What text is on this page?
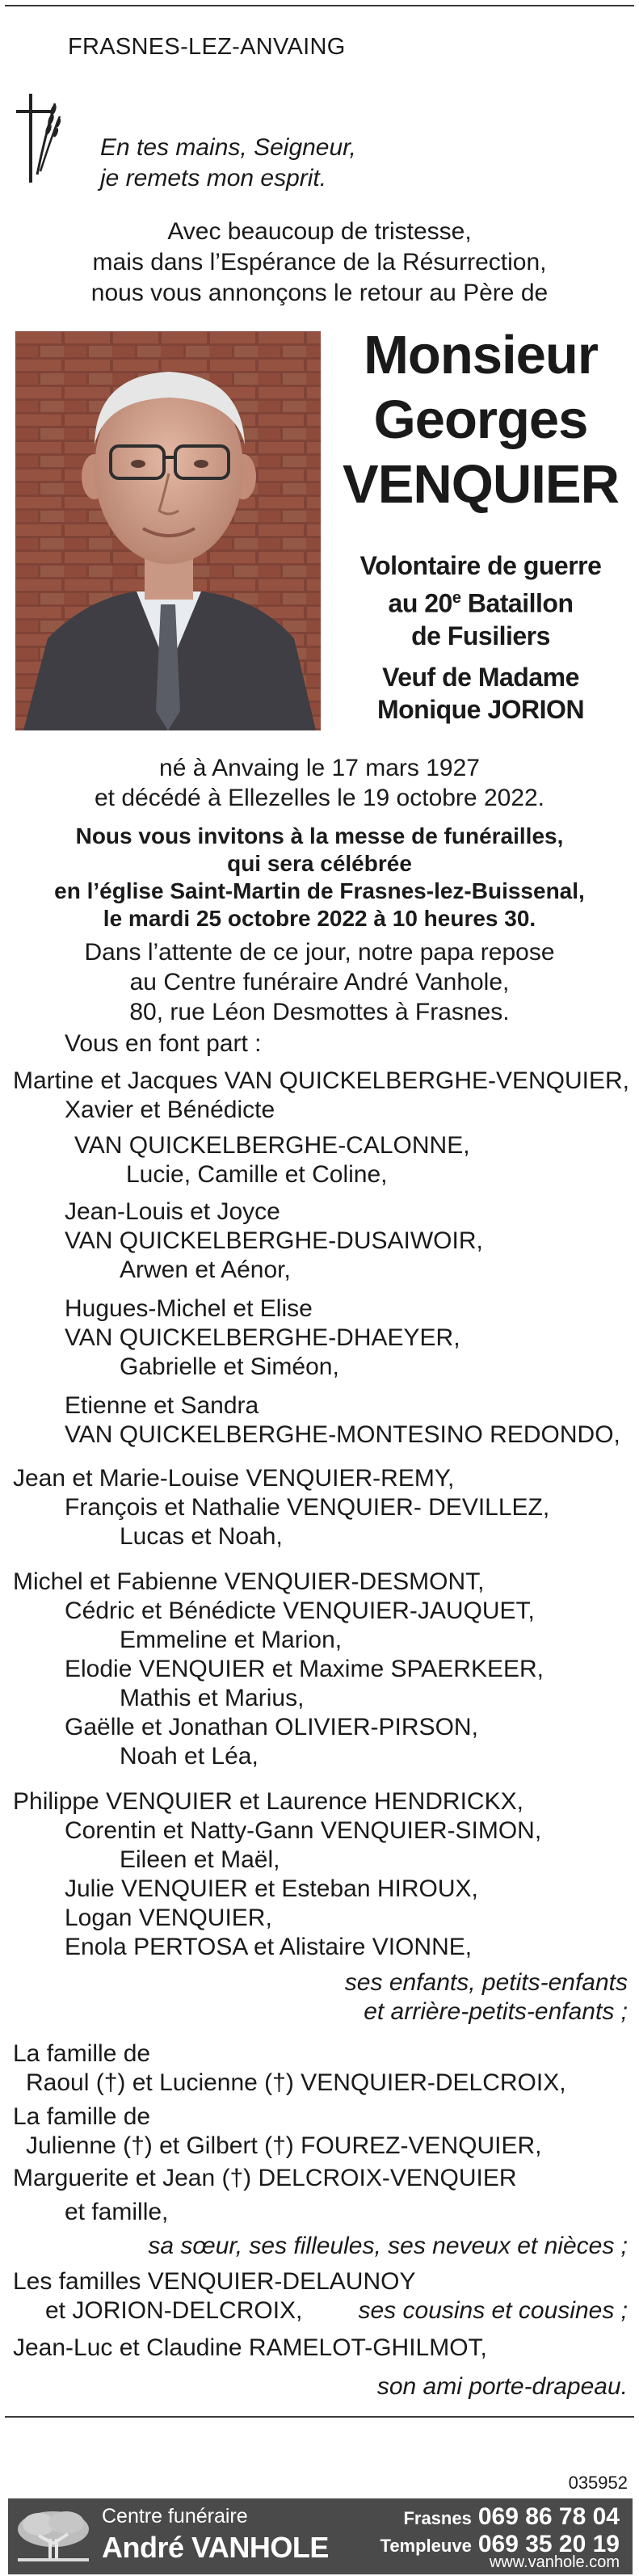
FRASNES-LEZ-ANVAING
En tes mains, Seigneur,
je remets mon esprit.
Avec beaucoup de tristesse,
mais dans l’Espérance de la Résurrection,
nous vous annonçons le retour au Père de
Monsieur
Georges
VENQUIER
Volontaire de guerre
au 20e Bataillon
de Fusiliers
Veuf de Madame
Monique JORION
né à Anvaing le 17 mars 1927
et décédé à Ellezelles le 19 octobre 2022.
Nous vous invitons à la messe de funérailles,
qui sera célébrée
en l’église Saint-Martin de Frasnes-lez-Buissenal,
le mardi 25 octobre 2022 à 10 heures 30.
Dans l’attente de ce jour, notre papa repose
au Centre funéraire André Vanhole,
80, rue Léon Desmottes à Frasnes.
Vous en font part :
Martine et Jacques VAN QUICKELBERGHE-VENQUIER,
Xavier et Bénédicte
VAN QUICKELBERGHE-CALONNE,
Lucie, Camille et Coline,
Jean-Louis et Joyce
VAN QUICKELBERGHE-DUSAIWOIR,
Arwen et Aénor,
Hugues-Michel et Elise
VAN QUICKELBERGHE-DHAEYER,
Gabrielle et Siméon,
Etienne et Sandra
VAN QUICKELBERGHE-MONTESINO REDONDO,
Jean et Marie-Louise VENQUIER-REMY,
François et Nathalie VENQUIER- DEVILLEZ,
Lucas et Noah,
Michel et Fabienne VENQUIER-DESMONT,
Cédric et Bénédicte VENQUIER-JAUQUET,
Emmeline et Marion,
Elodie VENQUIER et Maxime SPAERKEER,
Mathis et Marius,
Gaëlle et Jonathan OLIVIER-PIRSON,
Noah et Léa,
Philippe VENQUIER et Laurence HENDRICKX,
Corentin et Natty-Gann VENQUIER-SIMON,
Eileen et Maël,
Julie VENQUIER et Esteban HIROUX,
Logan VENQUIER,
Enola PERTOSA et Alistaire VIONNE,
ses enfants, petits-enfants
et arrière-petits-enfants ;
La famille de
Raoul (†) et Lucienne (†) VENQUIER-DELCROIX,
La famille de
Julienne (†) et Gilbert (†) FOUREZ-VENQUIER,
Marguerite et Jean (†) DELCROIX-VENQUIER
et famille,
sa sœur, ses filleules, ses neveux et nièces ;
Les familles VENQUIER-DELAUNOY
et JORION-DELCROIX, ses cousins et cousines ;
Jean-Luc et Claudine RAMELOT-GHILMOT,
son ami porte-drapeau.
035952
Centre funéraire
André VANHOLE
Frasnes 069 86 78 04
Templeuve 069 35 20 19
www.vanhole.com
